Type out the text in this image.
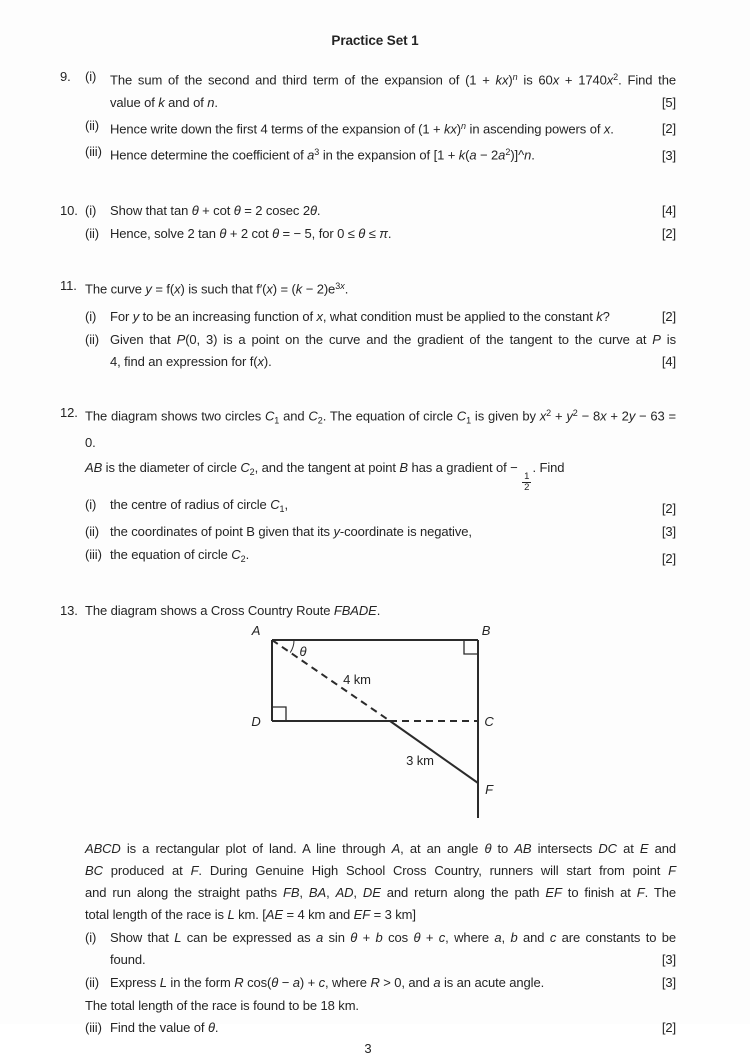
Practice Set 1
9.	(i)	The sum of the second and third term of the expansion of (1 + kx)$^n$ is $60x + 1740x^2$. Find the
value of k and of n.	[5]
(ii) Hence write down the first 4 terms of the expansion of (1 + kx)$^n$ in ascending powers of x.	[2]
(iii) Hence determine the coefficient of $a^3$ in the expansion of $[1 + k(a - 2a^2)]\^{}n$.	[3]
10. (i)	Show that tan θ + cot θ = 2 cosec 2θ.	[4]
(ii) Hence, solve 2 tan θ + 2 cot θ = − 5, for 0 ≤ θ ≤ π.	[2]
11. The curve y = f(x) is such that $f'(x) = (k - 2)e^{3x}$.
(i)	For y to be an increasing function of x, what condition must be applied to the constant k?	[2]
(ii) Given that P(0, 3) is a point on the curve and the gradient of the tangent to the curve at P is
4, find an expression for f(x).	[4]
12. The diagram shows two circles $C_1$ and $C_2$. The equation of circle $C_1$ is given by $x^2 + y^2 - 8x + 2y - 63 = 0$.
AB is the diameter of circle $C_2$, and the tangent at point B has a gradient of −
$\frac{1}{2}$
. Find
(i)	the centre of radius of circle $C_1$,	[2]
(ii) the coordinates of point B given that its y-coordinate is negative,	[3]
(iii) the equation of circle $C_2$.	[2]
13. The diagram shows a Cross Country Route FBADE.
A	B
C
D
F
θ
4 km
3 km
ABCD is a rectangular plot of land. A line through A, at an angle θ to AB intersects DC at E and
BC produced at F. During Genuine High School Cross Country, runners will start from point F
and run along the straight paths FB, BA, AD, DE and return along the path EF to finish at F. The
total length of the race is L km. [AE = 4 km and EF = 3 km]
(i)	Show that L can be expressed as a sin θ + b cos θ + c, where a, b and c are constants to be
found.	[3]
(ii) Express L in the form R cos(θ − a) + c, where R > 0, and a is an acute angle.	[3]
The total length of the race is found to be 18 km.
(iii) Find the value of θ.	[2]
3
